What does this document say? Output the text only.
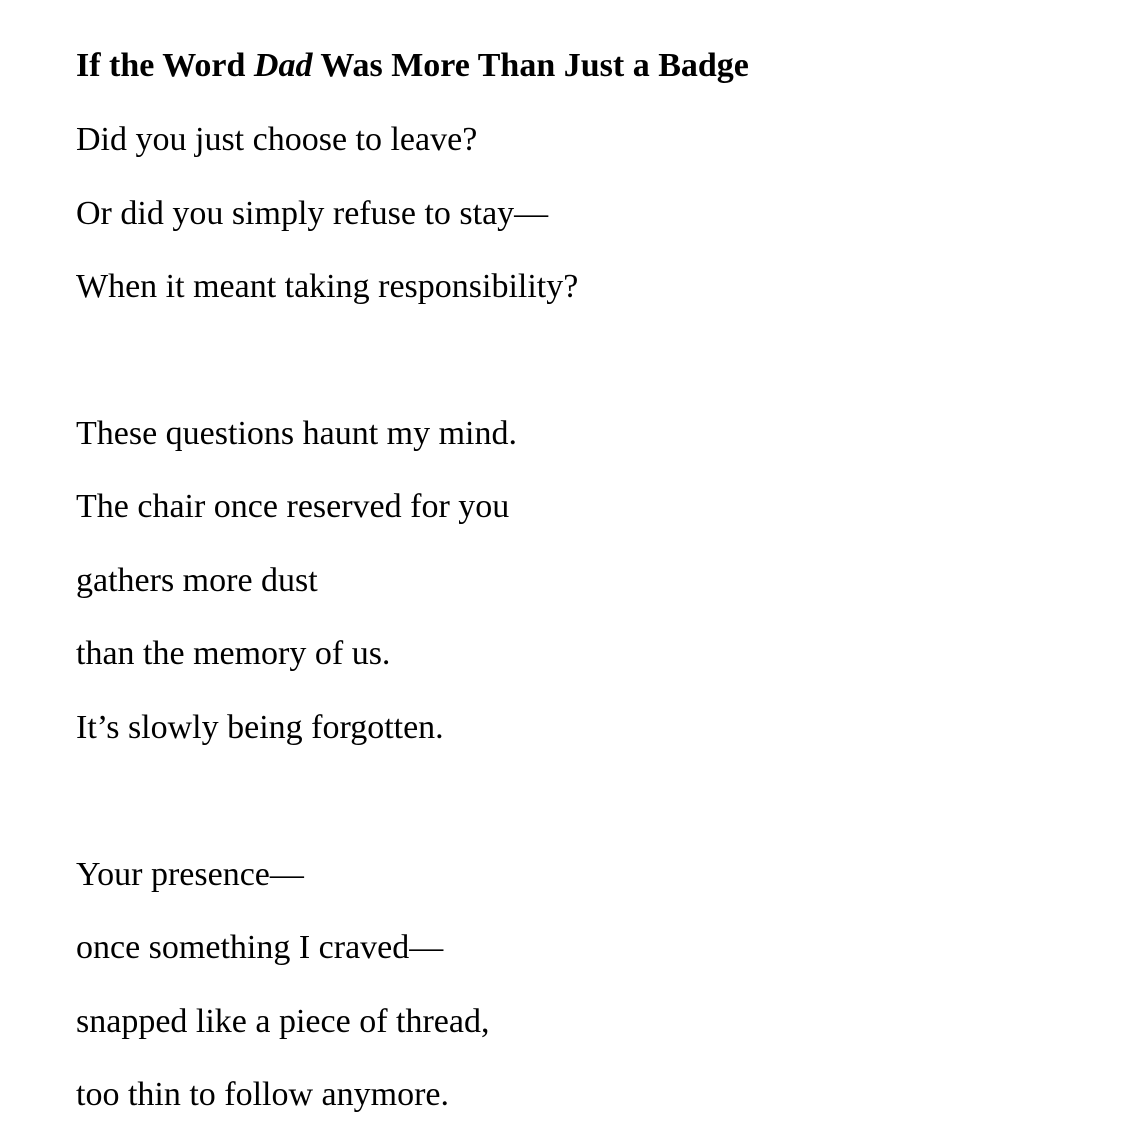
If the Word Dad Was More Than Just a Badge

Did you just choose to leave?

Or did you simply refuse to stay—

When it meant taking responsibility?

These questions haunt my mind.

The chair once reserved for you

gathers more dust

than the memory of us.

It’s slowly being forgotten.

Your presence—

once something I craved—

snapped like a piece of thread,

too thin to follow anymore.
